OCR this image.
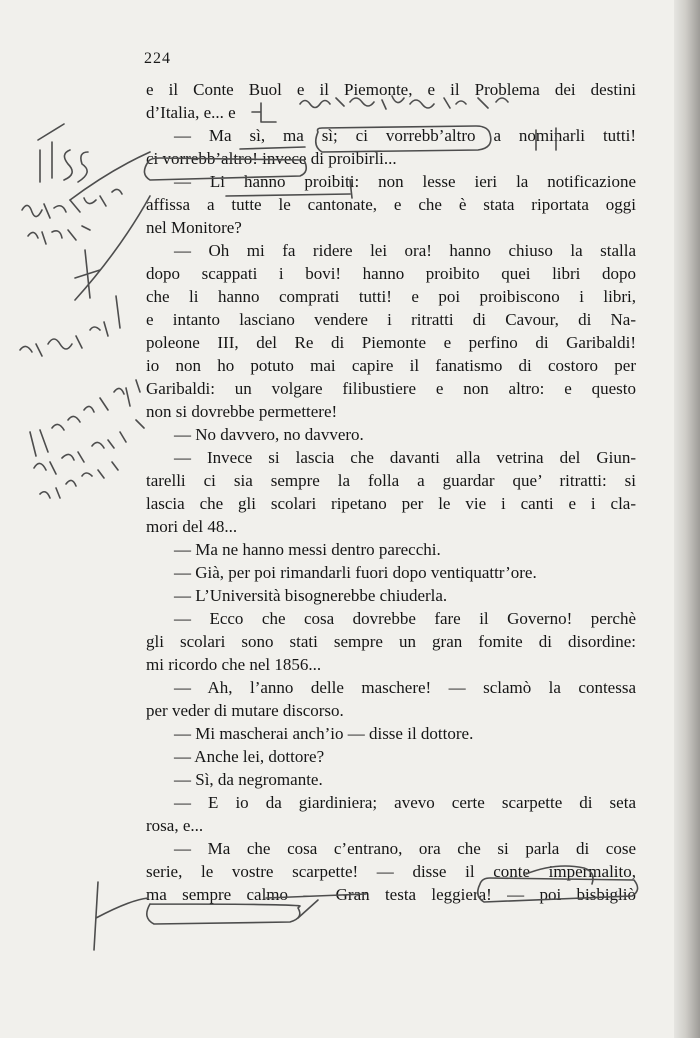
224
e il Conte Buol e il Piemonte, e il Problema dei destini
d’Italia, e... e
— Ma sì, ma sì; ci vorrebb’altro a nominarli tutti!
ci vorrebb’altro! invece di proibirli...
— Li hanno proibiti: non lesse ieri la notificazione
affissa a tutte le cantonate, e che è stata riportata oggi
nel Monitore?
— Oh mi fa ridere lei ora! hanno chiuso la stalla
dopo scappati i bovi! hanno proibito quei libri dopo
che li hanno comprati tutti! e poi proibiscono i libri,
e intanto lasciano vendere i ritratti di Cavour, di Na-
poleone III, del Re di Piemonte e perfino di Garibaldi!
io non ho potuto mai capire il fanatismo di costoro per
Garibaldi: un volgare filibustiere e non altro: e questo
non si dovrebbe permettere!
— No davvero, no davvero.
— Invece si lascia che davanti alla vetrina del Giun-
tarelli ci sia sempre la folla a guardar que’ ritratti: si
lascia che gli scolari ripetano per le vie i canti e i cla-
mori del 48...
— Ma ne hanno messi dentro parecchi.
— Già, per poi rimandarli fuori dopo ventiquattr’ore.
— L’Università bisognerebbe chiuderla.
— Ecco che cosa dovrebbe fare il Governo! perchè
gli scolari sono stati sempre un gran fomite di disordine:
mi ricordo che nel 1856...
— Ah, l’anno delle maschere! — sclamò la contessa
per veder di mutare discorso.
— Mi mascherai anch’io — disse il dottore.
— Anche lei, dottore?
— Sì, da negromante.
— E io da giardiniera; avevo certe scarpette di seta
rosa, e...
— Ma che cosa c’entrano, ora che si parla di cose
serie, le vostre scarpette! — disse il conte impermalito,
ma sempre calmo — Gran testa leggiera! — poi bisbigliò
